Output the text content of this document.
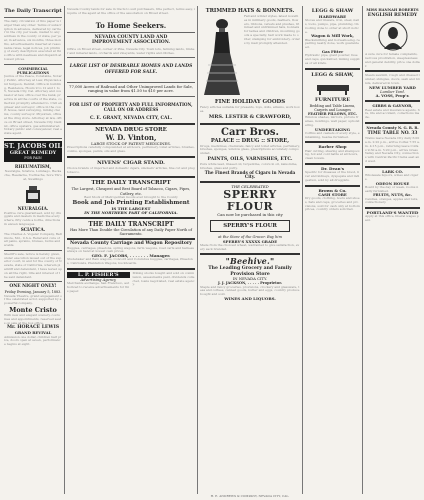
The Daily Transcript
The daily circulation of this paper is larger than any other. Terms of subscription in advance, delivered by carrier in the city, per week, mailed to any address in the county or state, per year, in advance, six months, three months, advertisements inserted at reasonable rates, legal notices, job printing of every description executed at this office with neatness and dispatch at lowest prices.
COMMERCIAL PUBLICATIONS
Justice of the Peace, Constable, Notary Public, Attorney at Law, Physician and Surgeon, Dentist, Office in building, Residence, Hours 9 to 12 and 1 to 5, Nevada City, Cal. Attorney and counselor at law, office over the bank, practice in all the courts of the state, collection promptly attended to. Civil engineer and surveyor, office in the court house, land surveying, mining claims, county surveyor. Physician, office at the drug store. Attorney at law, office on Broad street, Nevada City. Dentist, office upstairs, gas administered. Notary public and conveyancer, real estate agent.
ST. JACOBS OIL
GREAT REMEDY
FOR PAIN
RHEUMATISM,
Neuralgia, Sciatica, Lumbago, Backache, Headache, Toothache, Sore Throat, Swellings
NEURALGIA.
Positive cure guaranteed, sold by druggists and dealers in medicine everywhere, fifty cents a bottle, directions in eleven languages.
SCIATICA.
The Charles A. Vogeler Company, Baltimore, Md., U.S.A. Relief and cure of all pains, sprains, bruises, burns and scalds.
Sheriff's sale, notice is hereby given, under execution issued out of the superior court, in and for the county of Nevada, state of California, wherein plaintiff and defendant, I have levied upon all the right, title and interest of the said defendant.
ONE NIGHT ONLY!
Friday Evening, January 5, 1883.
Nevada Theatre, grand engagement of the celebrated actor, supported by a powerful company.
Monte Cristo
With new and elegant scenery, costumes and appointments, reserved seats on sale at the box office.
Mr. HORACE LEWIS
GRAND REVIVAL
Admission one dollar, children half price, doors open at seven, performance begins at eight.
Nevada County lands for sale in tracts to suit purchasers, title perfect, terms easy, inquire of the agent at the office of the association on Broad street.
To Home Seekers.
NEVADA COUNTY LAND AND IMPROVEMENT ASSOCIATION.
Office on Broad street, corner of Pine, Nevada City. Town lots, farming lands, timber and mineral lands, orchards and vineyards, water rights and ditches.
LARGE LIST OF DESIRABLE HOMES AND LANDS OFFERED FOR SALE.
77,000 Acres of Railroad and Other Unimproved Lands for Sale, ranging in value from $1.50 to $10 per acre.
FOR LIST OF PROPERTY AND FULL INFORMATION, CALL ON OR ADDRESS
C. E. GRANT, NEVADA CITY, CAL.
NEVADA DRUG STORE
W. D. Vinton,
LARGE STOCK OF PATENT MEDICINES.
Prescriptions carefully compounded at all hours, perfumery, toilet articles, brushes, combs, sponges, paints, oils and glass.
NIVENS' CIGAR STAND.
Choice brands of imported and domestic cigars, smokers' articles, fine cut and plug tobacco.
THE DAILY TRANSCRIPT
The Largest, Cheapest and Best Board of Tobacco, Cigars, Pipes, Cutlery, etc.
Best Stock of Metropolitan Goods ever brought to the County
Book and Job Printing Establishment
IS THE LARGEST
IN THE NORTHERN PART OF CALIFORNIA.
THE DAILY TRANSCRIPT
Has More Than Double the Circulation of any Daily Paper North of Sacramento.
Nevada County Carriage and Wagon Repository
Buggies, carriages, phaetons, spring wagons, farm wagons, road carts and harness always on hand at lowest cash prices.
GEO. F. JACOBS, . . . . . . . Manager.
Studebaker and Bain wagons, Concord and Columbus buggies, carriages, Phaetons, Cabriolets, Plantation Wagons, buckboards.
L. P. FISHER'S
Advertising Agency
Merchants exchange, San Francisco, authorized to receive advertisements for this paper.
Mining stocks bought and sold on commission, assessments paid, dividends collected, loans negotiated, real estate agency.
TRIMMED HATS & BONNETS.
Fall and winter styles, latest novelties in millinery goods, feathers, flowers, ribbons, velvets and plushes, trimmed and untrimmed hats, bonnets for ladies and children, mourning goods a specialty, hair work made to order, stamping for embroidery, orders by mail promptly attended.
FINE HOLIDAY GOODS
Fancy articles suitable for presents, toys, dolls, albums, work boxes.
MRS. LESTER & CRAWFORD,
Carr Bros.
PALACE :: DRUG :: STORE,
Drugs, medicines, chemicals, fancy and toilet articles, perfumery, brushes, sponges, window glass, prescriptions accurately compounded.
PAINTS, OILS, VARNISHES, ETC.
Pure white lead, linseed oil, turpentine, colors in oil, kalsomine, brushes, glass and putty.
The Finest Brands of Cigars in Nevada City.
THE CELEBRATED
SPERRY FLOUR
Can now be purchased in this city
SPERRY'S FLOUR
at the Store of the Grocer. Buy him
SPERRY'S XXXXX GRADE
Made from the choicest wheat, warranted to give satisfaction, every sack branded.
"Beehive."
The Leading Grocery and Family Provision Store
IN NEVADA CITY.
J. J. JACKSON, . . . . . Proprietor.
Staple and fancy groceries, provisions, crockery and glassware, teas and coffees, canned goods, butter and eggs, country produce bought and sold.
WINES AND LIQUORS.
LEGG & SHAW
HARDWARE
Stoves and tinware, iron, steel, nails, tools, pumps, pipe, plumbing, tin roofing done to order at short notice.
Wagon & Mill Work,
Blacksmithing and horseshoeing, repairing neatly done, work guaranteed.
Gas Fitter
Hydraulic pipe, giant powder, fuse and caps, quicksilver, mining supplies of all kinds.
LEGG & SHAW,
FURNITURE
Bedding and Table Linens, Carpets and Lounges
FEATHER PILLOWS, ETC.
Window shades, mirrors, picture frames, moldings, wall paper, upholstering.
UNDERTAKING
Coffins and caskets of every style, embalming, hearse furnished.
Barber Shop
Hair cutting, shaving and shampooing, hot and cold baths at all hours, clean towels.
Dr. Dean's
Specific for diseases of the blood, liver and kidneys, dyspepsia and indigestion, sold by all druggists.
Brown & Co.
CASH STORE
Dry goods, clothing, boots and shoes, hats and caps, groceries and provisions, sold for cash only at bottom prices, country orders solicited.
MISS HANNAH ROBERTS
ENGLISH REMEDY
A sure cure for female complaints, nervous prostration, sleeplessness and general debility, price one dollar.
Steam sawmill, rough and dressed lumber, shingles, doors, sash and blinds, delivered in town.
NEW LUMBER YARD
Lumber Yard.
A. VOSS, Prop'r.
GIBBS & GAYNOR,
Real estate and insurance agents, fire, life and accident, collections made.
Nevada County N. G. R. R.
TIME TABLE NO. 33
Trains leave Nevada City daily 6:00 a.m. 2:20 p.m., arrive Colfax 7:55 a.m. 4:15 p.m., returning leave Colfax 9:30 a.m. 5:20 p.m., arrive Grass Valley and Nevada City, connections with Central Pacific trains east and west.
LARK CO.
Wholesale liquors, wines and cigars.
ODEON HOUSE
Board by the day or week, rooms neatly furnished.
FRUITS, NUTS, &c.
Candies, oranges, apples and nuts, confectionery.
PORTLAND'S WANTED
Apply at this office, liberal wages paid.
H. E. ANDREWS & COMPANY, NEVADA CITY, CAL.
